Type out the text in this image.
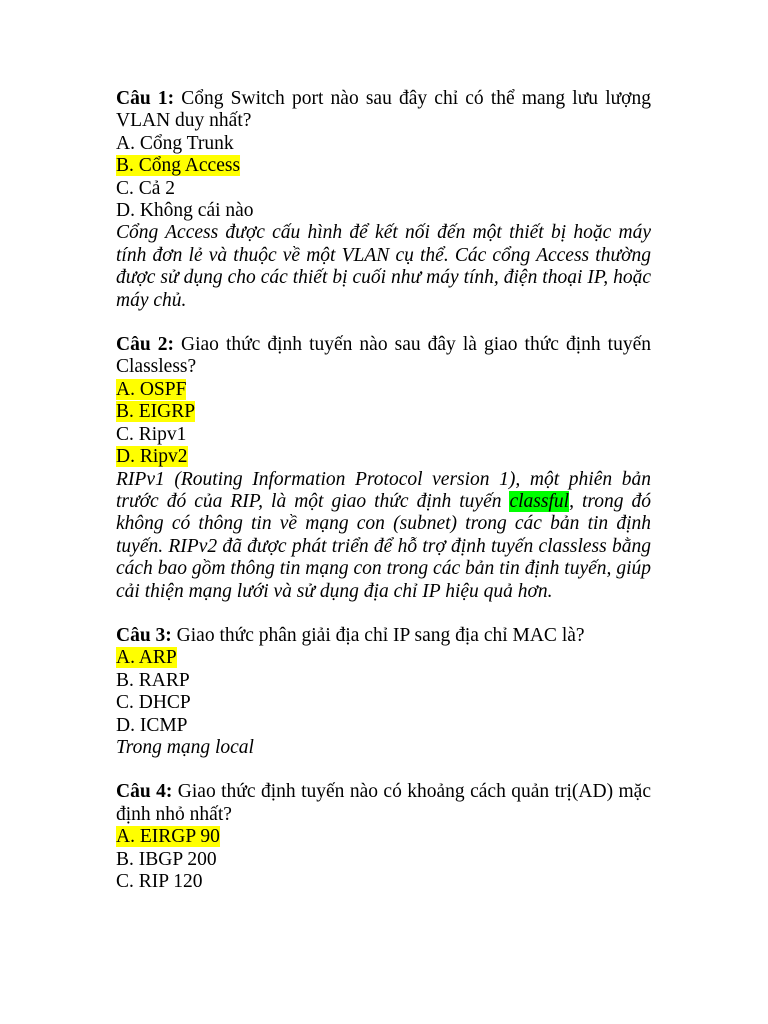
Câu 1: Cổng Switch port nào sau đây chỉ có thể mang lưu lượng VLAN duy nhất?
A. Cổng Trunk
B. Cổng Access
C. Cả 2
D. Không cái nào
Cổng Access được cấu hình để kết nối đến một thiết bị hoặc máy tính đơn lẻ và thuộc về một VLAN cụ thể. Các cổng Access thường được sử dụng cho các thiết bị cuối như máy tính, điện thoại IP, hoặc máy chủ.
Câu 2: Giao thức định tuyến nào sau đây là giao thức định tuyến Classless?
A. OSPF
B. EIGRP
C. Ripv1
D. Ripv2
RIPv1 (Routing Information Protocol version 1), một phiên bản trước đó của RIP, là một giao thức định tuyến classful, trong đó không có thông tin về mạng con (subnet) trong các bản tin định tuyến. RIPv2 đã được phát triển để hỗ trợ định tuyến classless bằng cách bao gồm thông tin mạng con trong các bản tin định tuyến, giúp cải thiện mạng lưới và sử dụng địa chỉ IP hiệu quả hơn.
Câu 3: Giao thức phân giải địa chỉ IP sang địa chỉ MAC là?
A. ARP
B. RARP
C. DHCP
D. ICMP
Trong mạng local
Câu 4: Giao thức định tuyến nào có khoảng cách quản trị(AD) mặc định nhỏ nhất?
A. EIRGP 90
B. IBGP 200
C. RIP 120
